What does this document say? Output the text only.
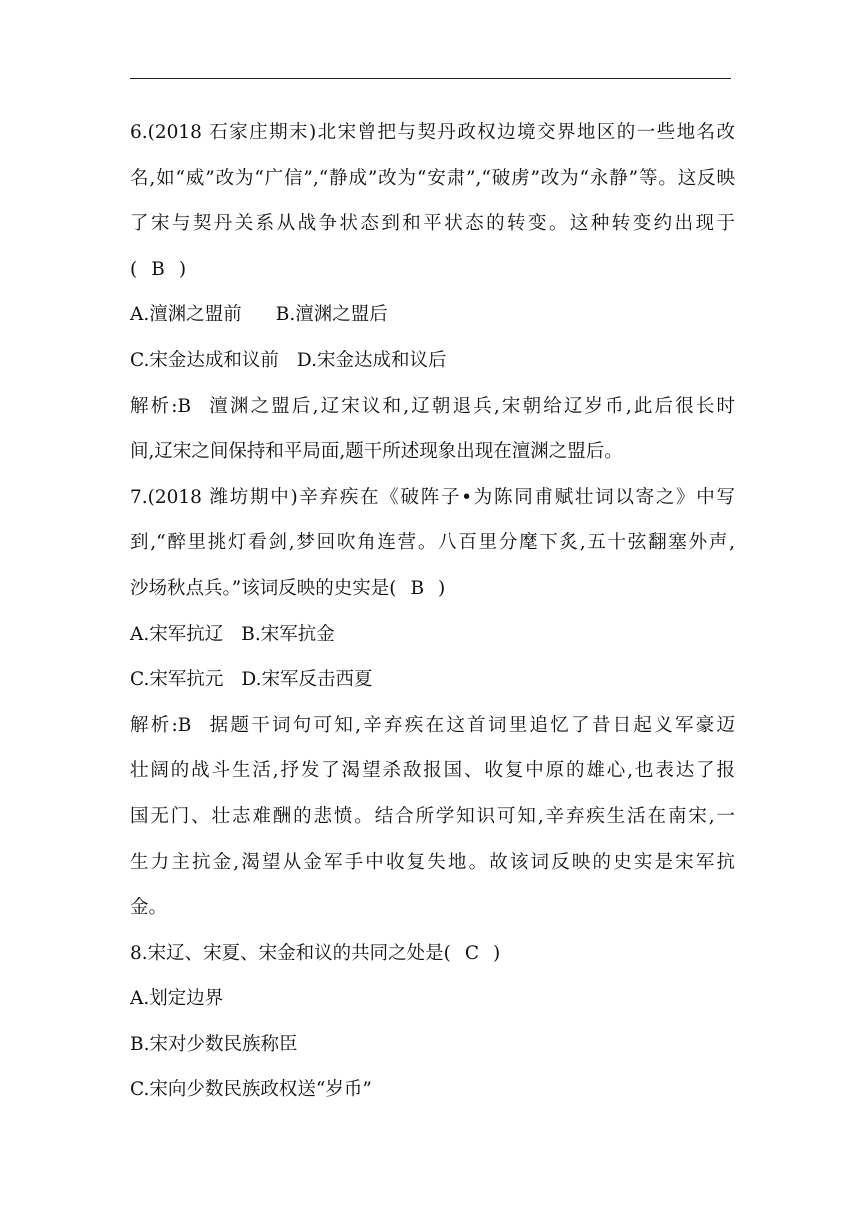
6.(2018 石家庄期末)北宋曾把与契丹政权边境交界地区的一些地名改
名,如“威”改为“广信”,“静成”改为“安肃”,“破虏”改为“永静”等。这反映
了宋与契丹关系从战争状态到和平状态的转变。这种转变约出现于
( B )
A.澶渊之盟前 B.澶渊之盟后
C.宋金达成和议前 D.宋金达成和议后
解析:B 澶渊之盟后,辽宋议和,辽朝退兵,宋朝给辽岁币,此后很长时
间,辽宋之间保持和平局面,题干所述现象出现在澶渊之盟后。
7.(2018 潍坊期中)辛弃疾在《破阵子•为陈同甫赋壮词以寄之》中写
到,“醉里挑灯看剑,梦回吹角连营。八百里分麾下炙,五十弦翻塞外声,
沙场秋点兵。”该词反映的史实是( B )
A.宋军抗辽 B.宋军抗金
C.宋军抗元 D.宋军反击西夏
解析:B 据题干词句可知,辛弃疾在这首词里追忆了昔日起义军豪迈
壮阔的战斗生活,抒发了渴望杀敌报国、收复中原的雄心,也表达了报
国无门、壮志难酬的悲愤。结合所学知识可知,辛弃疾生活在南宋,一
生力主抗金,渴望从金军手中收复失地。故该词反映的史实是宋军抗
金。
8.宋辽、宋夏、宋金和议的共同之处是( C )
A.划定边界
B.宋对少数民族称臣
C.宋向少数民族政权送“岁币”
